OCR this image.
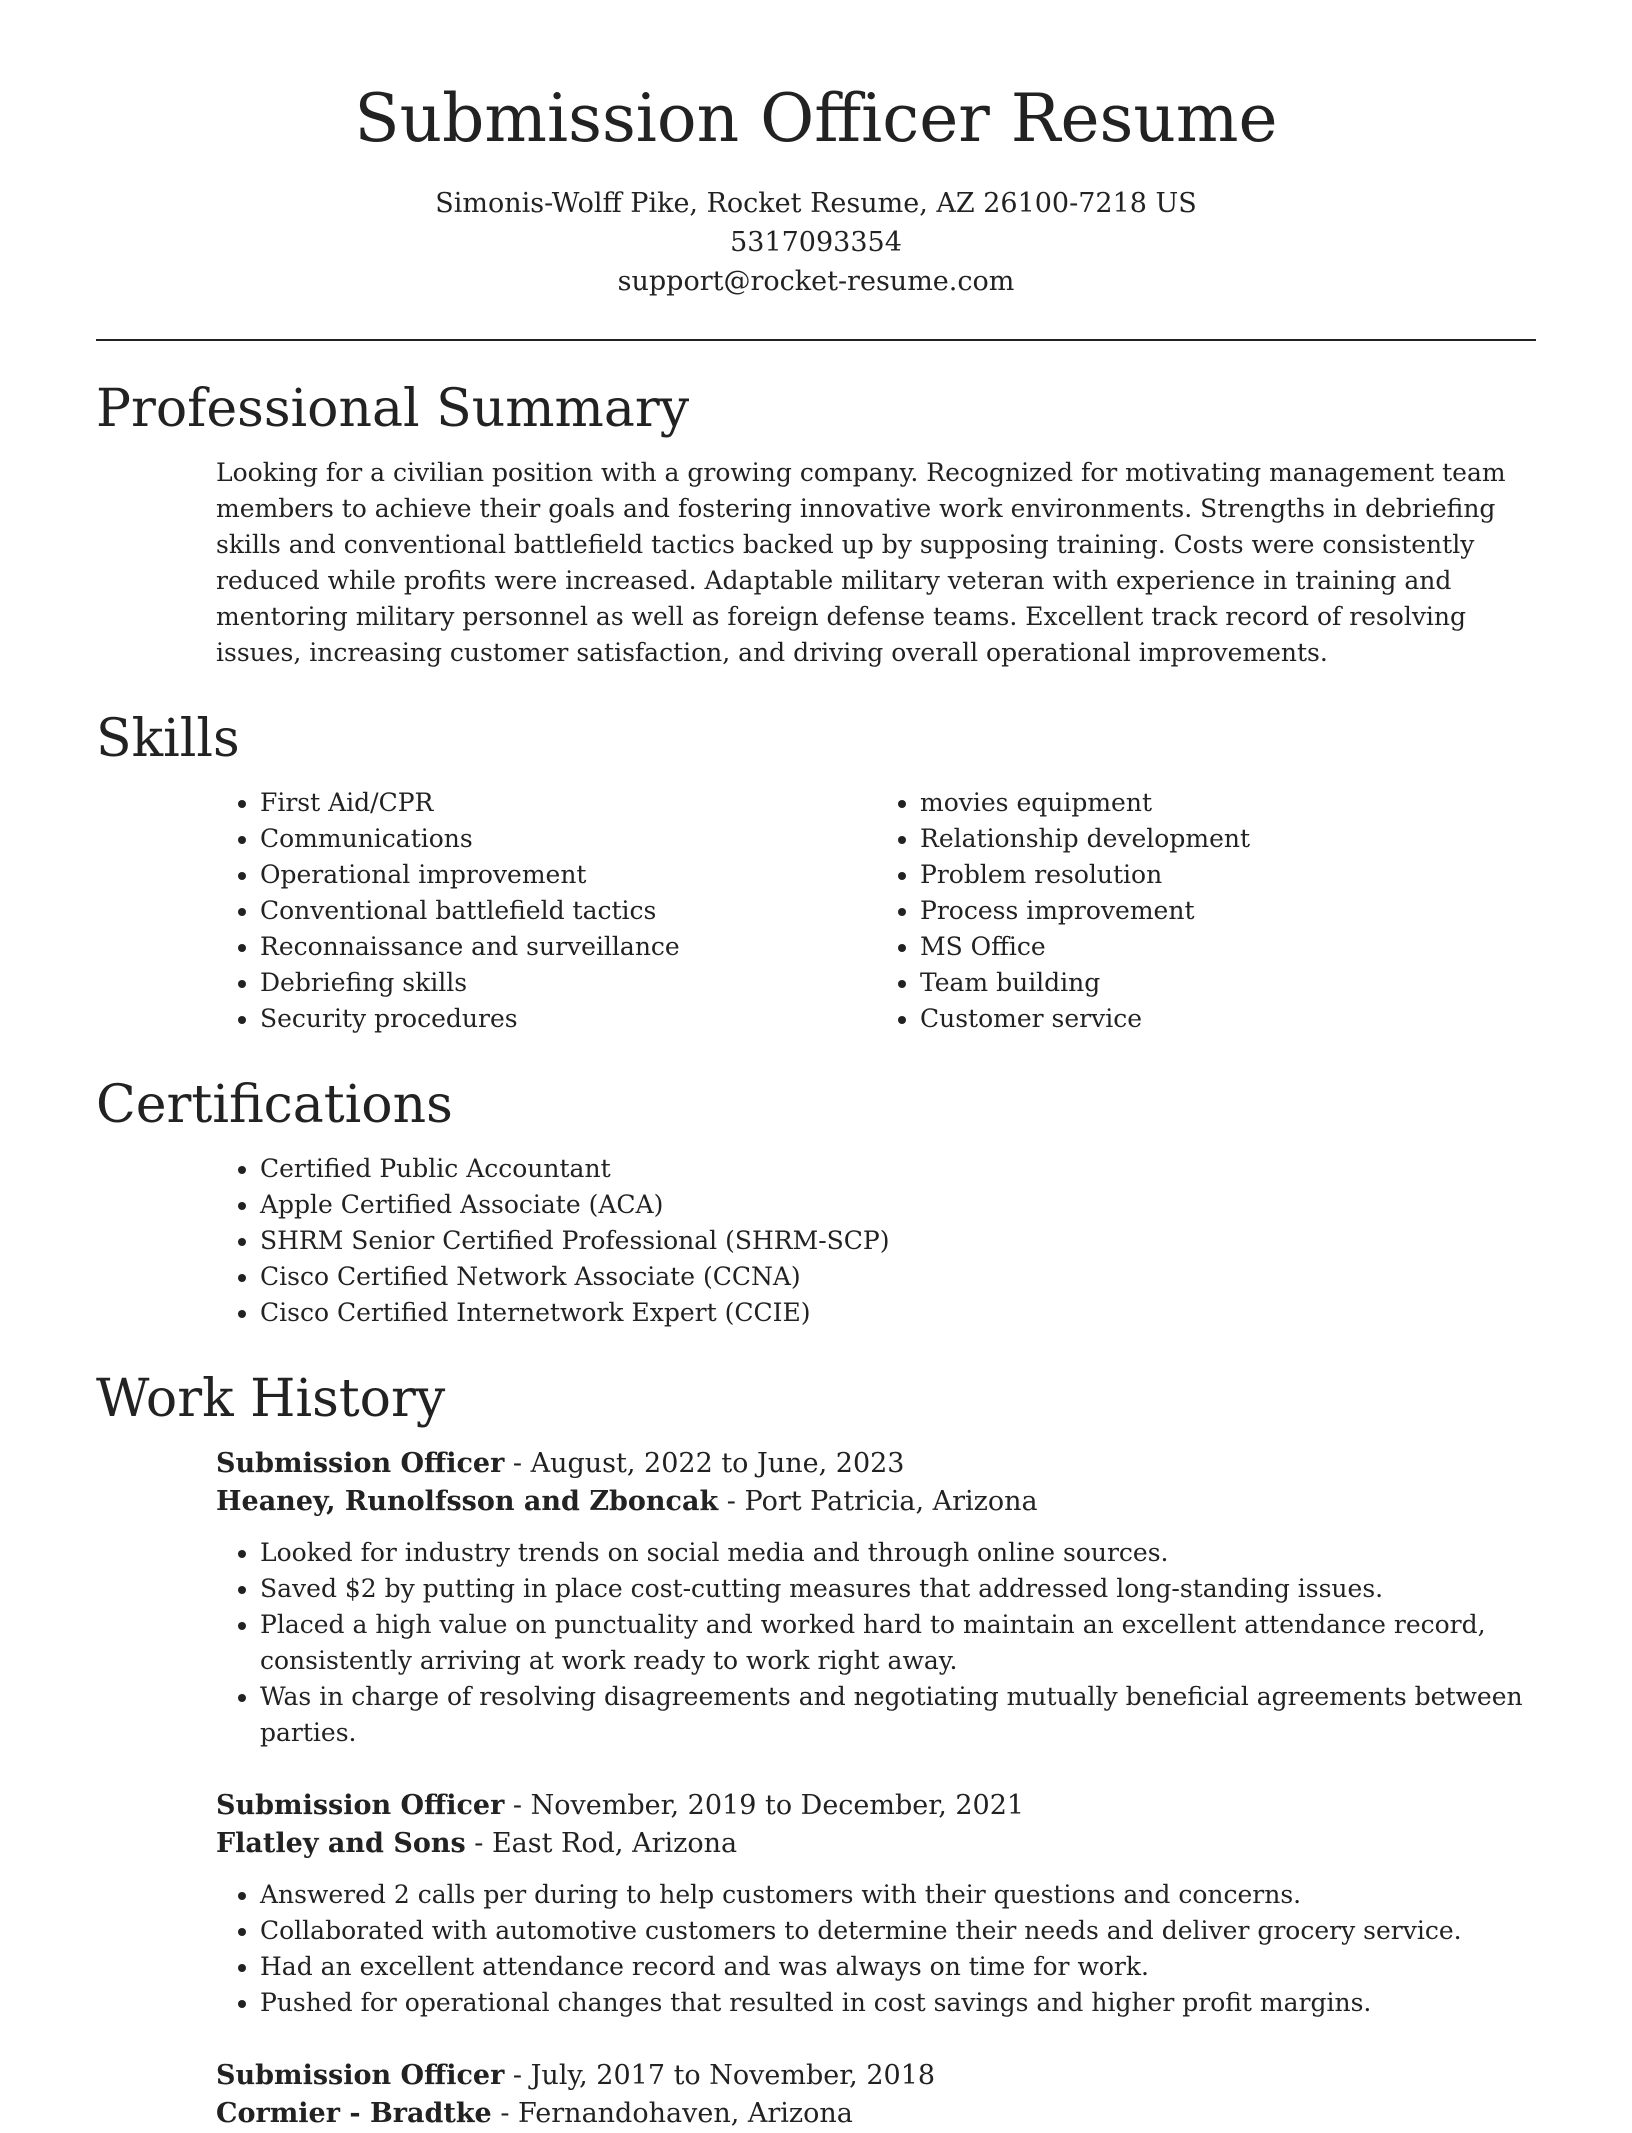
Submission Officer Resume

Simonis-Wolff Pike, Rocket Resume, AZ 26100-7218 US

5317093354

support@rocket-resume.com

Professional Summary

Looking for a civilian position with a growing company. Recognized for motivating management team members to achieve their goals and fostering innovative work environments. Strengths in debriefing skills and conventional battlefield tactics backed up by supposing training. Costs were consistently reduced while profits were increased. Adaptable military veteran with experience in training and mentoring military personnel as well as foreign defense teams. Excellent track record of resolving issues, increasing customer satisfaction, and driving overall operational improvements.

Skills
• First Aid/CPR
• Communications
• Operational improvement
• Conventional battlefield tactics
• Reconnaissance and surveillance
• Debriefing skills
• Security procedures
• movies equipment
• Relationship development
• Problem resolution
• Process improvement
• MS Office
• Team building
• Customer service
Certifications
• Certified Public Accountant
• Apple Certified Associate (ACA)
• SHRM Senior Certified Professional (SHRM-SCP)
• Cisco Certified Network Associate (CCNA)
• Cisco Certified Internetwork Expert (CCIE)
Work History

Submission Officer - August, 2022 to June, 2023

Heaney, Runolfsson and Zboncak - Port Patricia, Arizona

• Looked for industry trends on social media and through online sources.
• Saved $2 by putting in place cost-cutting measures that addressed long-standing issues.
• Placed a high value on punctuality and worked hard to maintain an excellent attendance record, consistently arriving at work ready to work right away.
• Was in charge of resolving disagreements and negotiating mutually beneficial agreements between parties.

Submission Officer - November, 2019 to December, 2021

Flatley and Sons - East Rod, Arizona

• Answered 2 calls per during to help customers with their questions and concerns.
• Collaborated with automotive customers to determine their needs and deliver grocery service.
• Had an excellent attendance record and was always on time for work.
• Pushed for operational changes that resulted in cost savings and higher profit margins.

Submission Officer - July, 2017 to November, 2018

Cormier - Bradtke - Fernandohaven, Arizona
